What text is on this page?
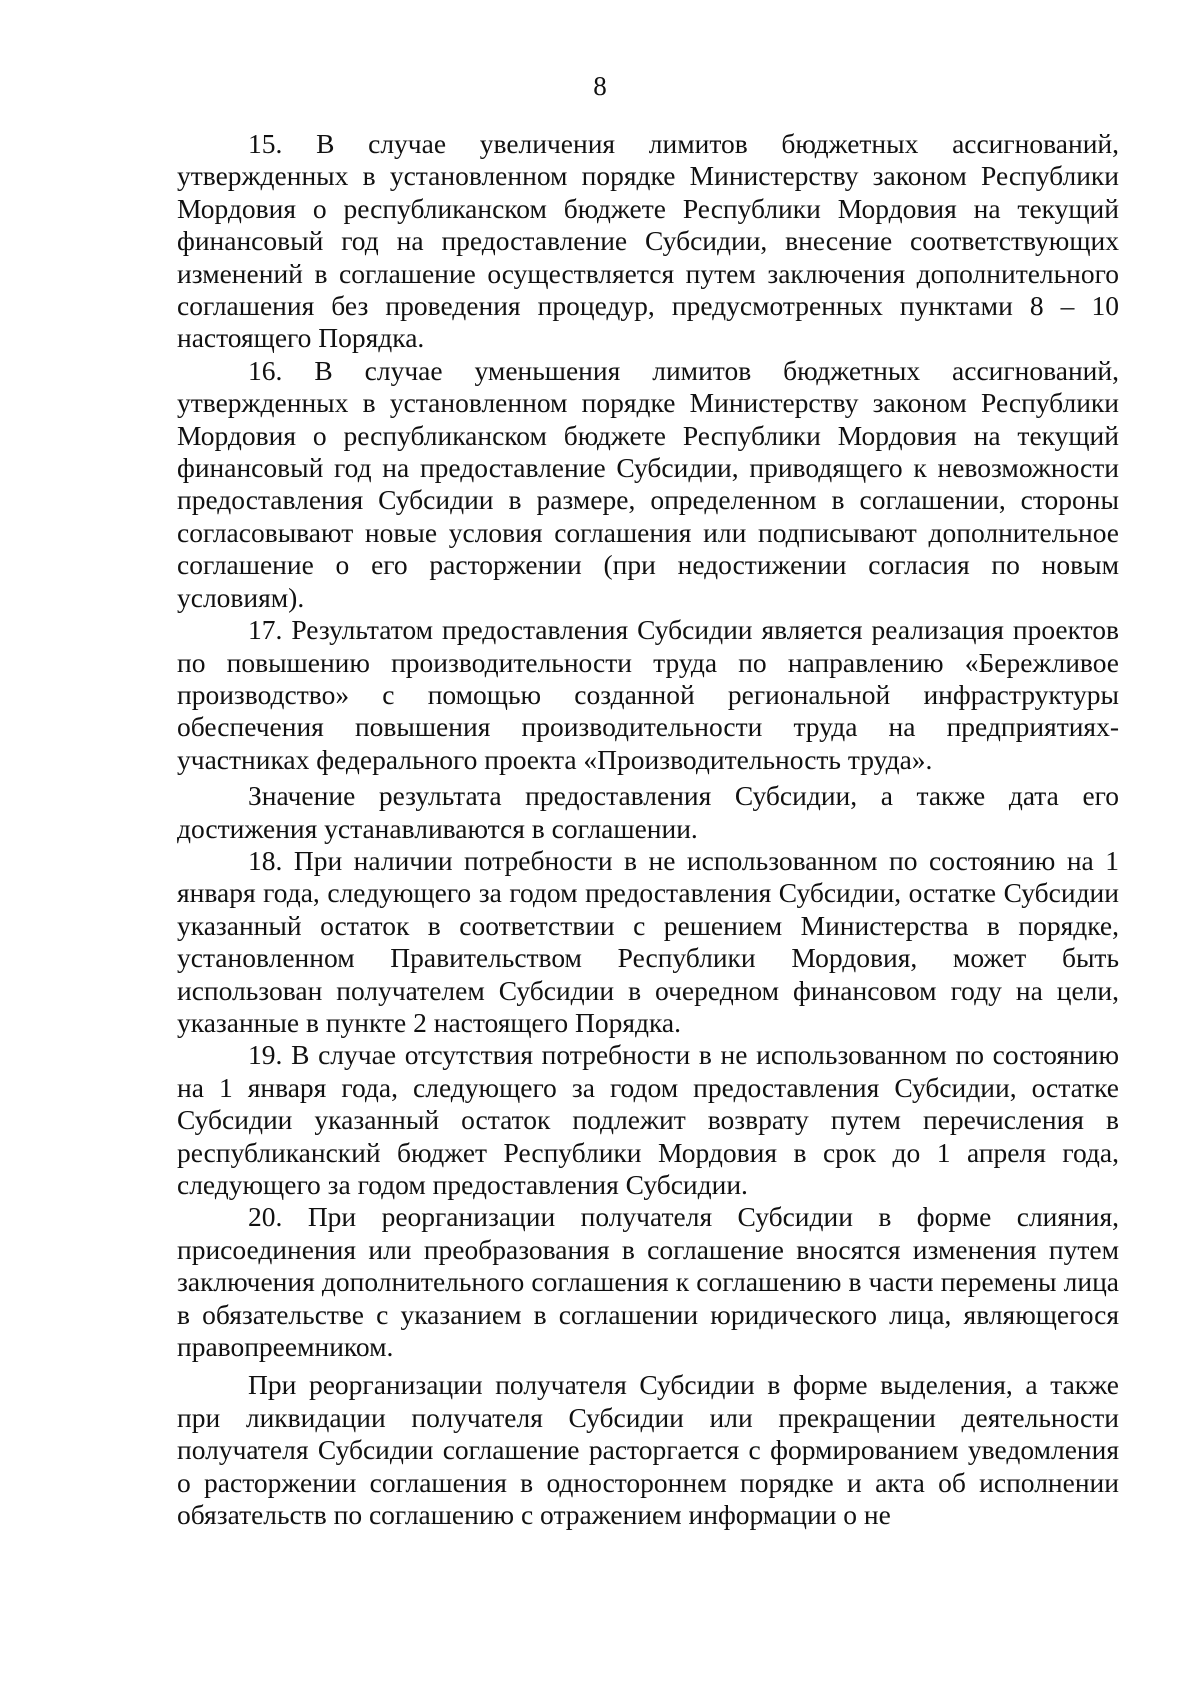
8

15. В случае увеличения лимитов бюджетных ассигнований, утвержденных в установленном порядке Министерству законом Республики Мордовия о республиканском бюджете Республики Мордовия на текущий финансовый год на предоставление Субсидии, внесение соответствующих изменений в соглашение осуществляется путем заключения дополнительного соглашения без проведения процедур, предусмотренных пунктами 8 – 10 настоящего Порядка.

16. В случае уменьшения лимитов бюджетных ассигнований, утвержденных в установленном порядке Министерству законом Республики Мордовия о республиканском бюджете Республики Мордовия на текущий финансовый год на предоставление Субсидии, приводящего к невозможности предоставления Субсидии в размере, определенном в соглашении, стороны согласовывают новые условия соглашения или подписывают дополнительное соглашение о его расторжении (при недостижении согласия по новым условиям).

17. Результатом предоставления Субсидии является реализация проектов по повышению производительности труда по направлению «Бережливое производство» с помощью созданной региональной инфраструктуры обеспечения повышения производительности труда на предприятиях-участниках федерального проекта «Производительность труда».

Значение результата предоставления Субсидии, а также дата его достижения устанавливаются в соглашении.

18. При наличии потребности в не использованном по состоянию на 1 января года, следующего за годом предоставления Субсидии, остатке Субсидии указанный остаток в соответствии с решением Министерства в порядке, установленном Правительством Республики Мордовия, может быть использован получателем Субсидии в очередном финансовом году на цели, указанные в пункте 2 настоящего Порядка.

19. В случае отсутствия потребности в не использованном по состоянию на 1 января года, следующего за годом предоставления Субсидии, остатке Субсидии указанный остаток подлежит возврату путем перечисления в республиканский бюджет Республики Мордовия в срок до 1 апреля года, следующего за годом предоставления Субсидии.

20. При реорганизации получателя Субсидии в форме слияния, присоединения или преобразования в соглашение вносятся изменения путем заключения дополнительного соглашения к соглашению в части перемены лица в обязательстве с указанием в соглашении юридического лица, являющегося правопреемником.

При реорганизации получателя Субсидии в форме выделения, а также при ликвидации получателя Субсидии или прекращении деятельности получателя Субсидии соглашение расторгается с формированием уведомления о расторжении соглашения в одностороннем порядке и акта об исполнении обязательств по соглашению с отражением информации о не
